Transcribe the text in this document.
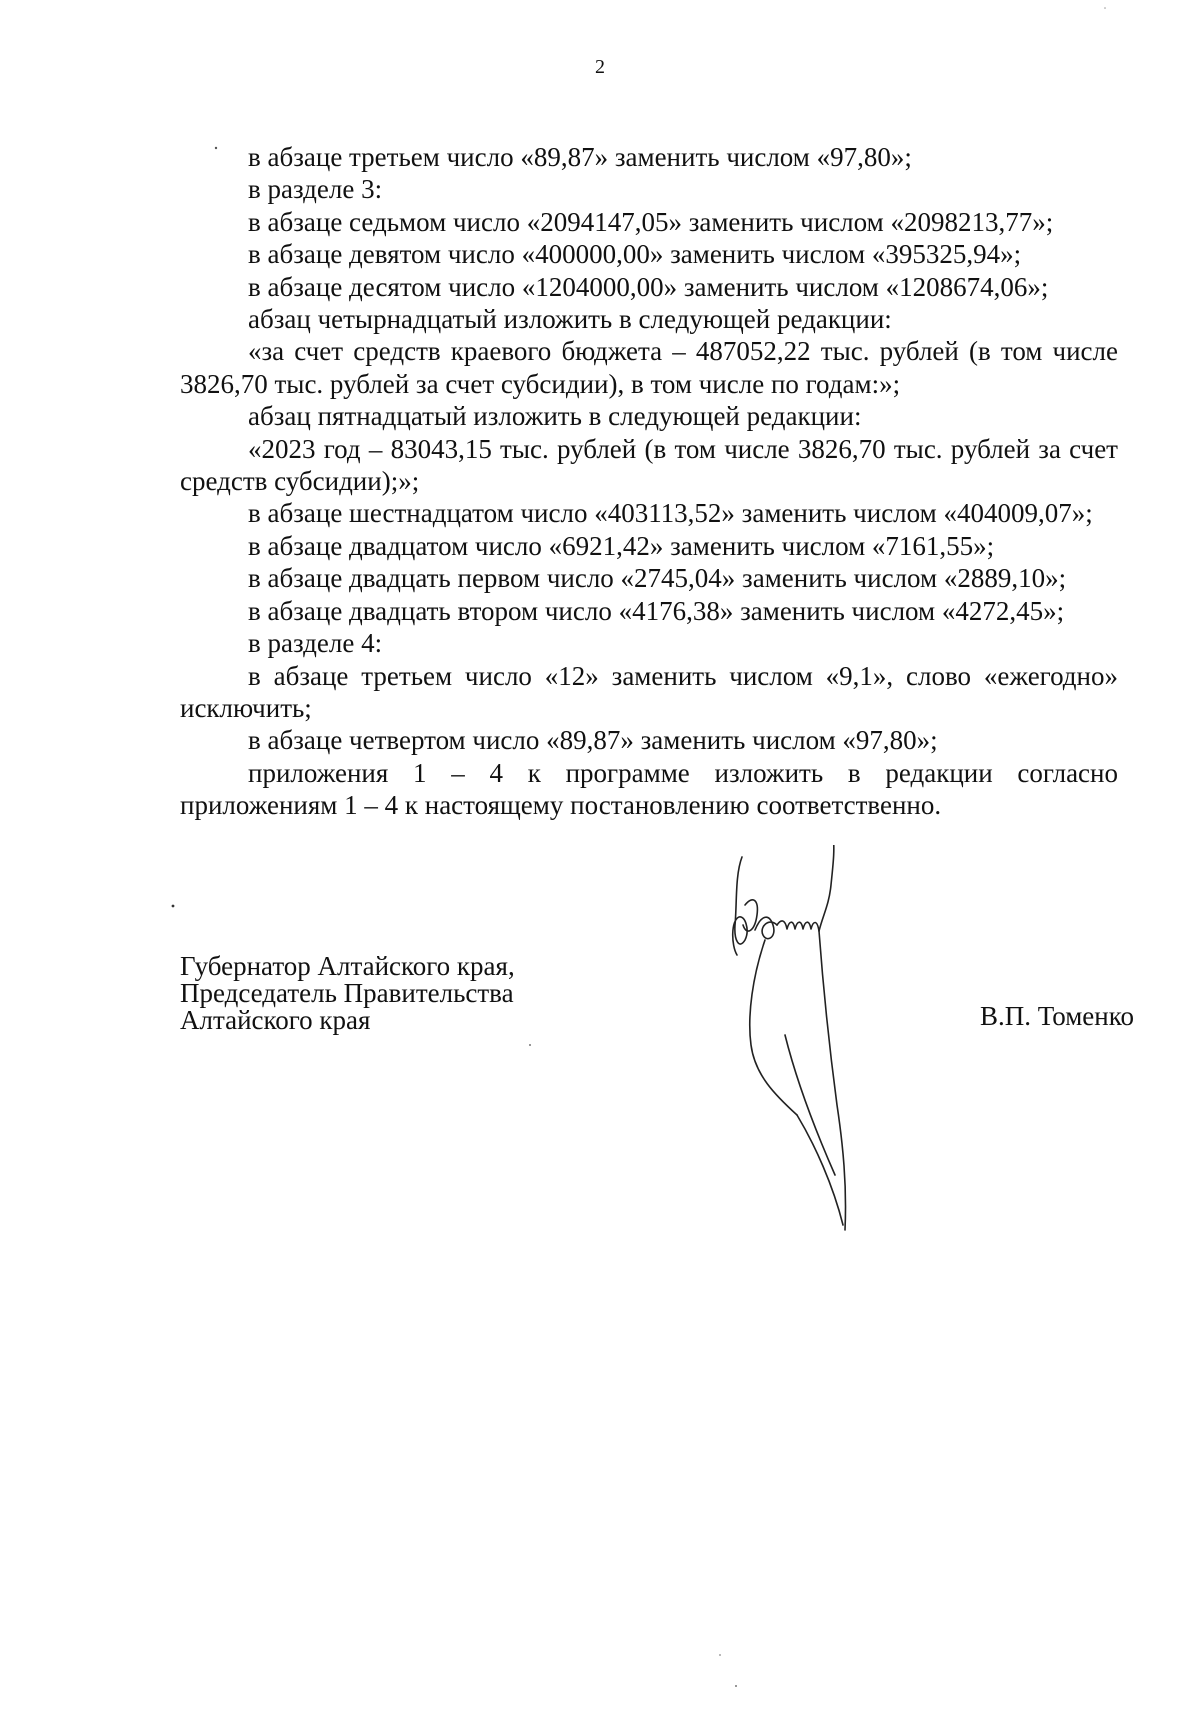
2

в абзаце третьем число «89,87» заменить числом «97,80»;

в разделе 3:

в абзаце седьмом число «2094147,05» заменить числом «2098213,77»;

в абзаце девятом число «400000,00» заменить числом «395325,94»;

в абзаце десятом число «1204000,00» заменить числом «1208674,06»;

абзац четырнадцатый изложить в следующей редакции:

«за счет средств краевого бюджета – 487052,22 тыс. рублей (в том числе 3826,70 тыс. рублей за счет субсидии), в том числе по годам:»;

абзац пятнадцатый изложить в следующей редакции:

«2023 год – 83043,15 тыс. рублей (в том числе 3826,70 тыс. рублей за счет средств субсидии);»;

в абзаце шестнадцатом число «403113,52» заменить числом «404009,07»;

в абзаце двадцатом число «6921,42» заменить числом «7161,55»;

в абзаце двадцать первом число «2745,04» заменить числом «2889,10»;

в абзаце двадцать втором число «4176,38» заменить числом «4272,45»;

в разделе 4:

в абзаце третьем число «12» заменить числом «9,1», слово «ежегодно» исключить;

в абзаце четвертом число «89,87» заменить числом «97,80»;

приложения 1 – 4 к программе изложить в редакции согласно приложениям 1 – 4 к настоящему постановлению соответственно.

Губернатор Алтайского края,
Председатель Правительства
Алтайского края	В.П. Томенко
